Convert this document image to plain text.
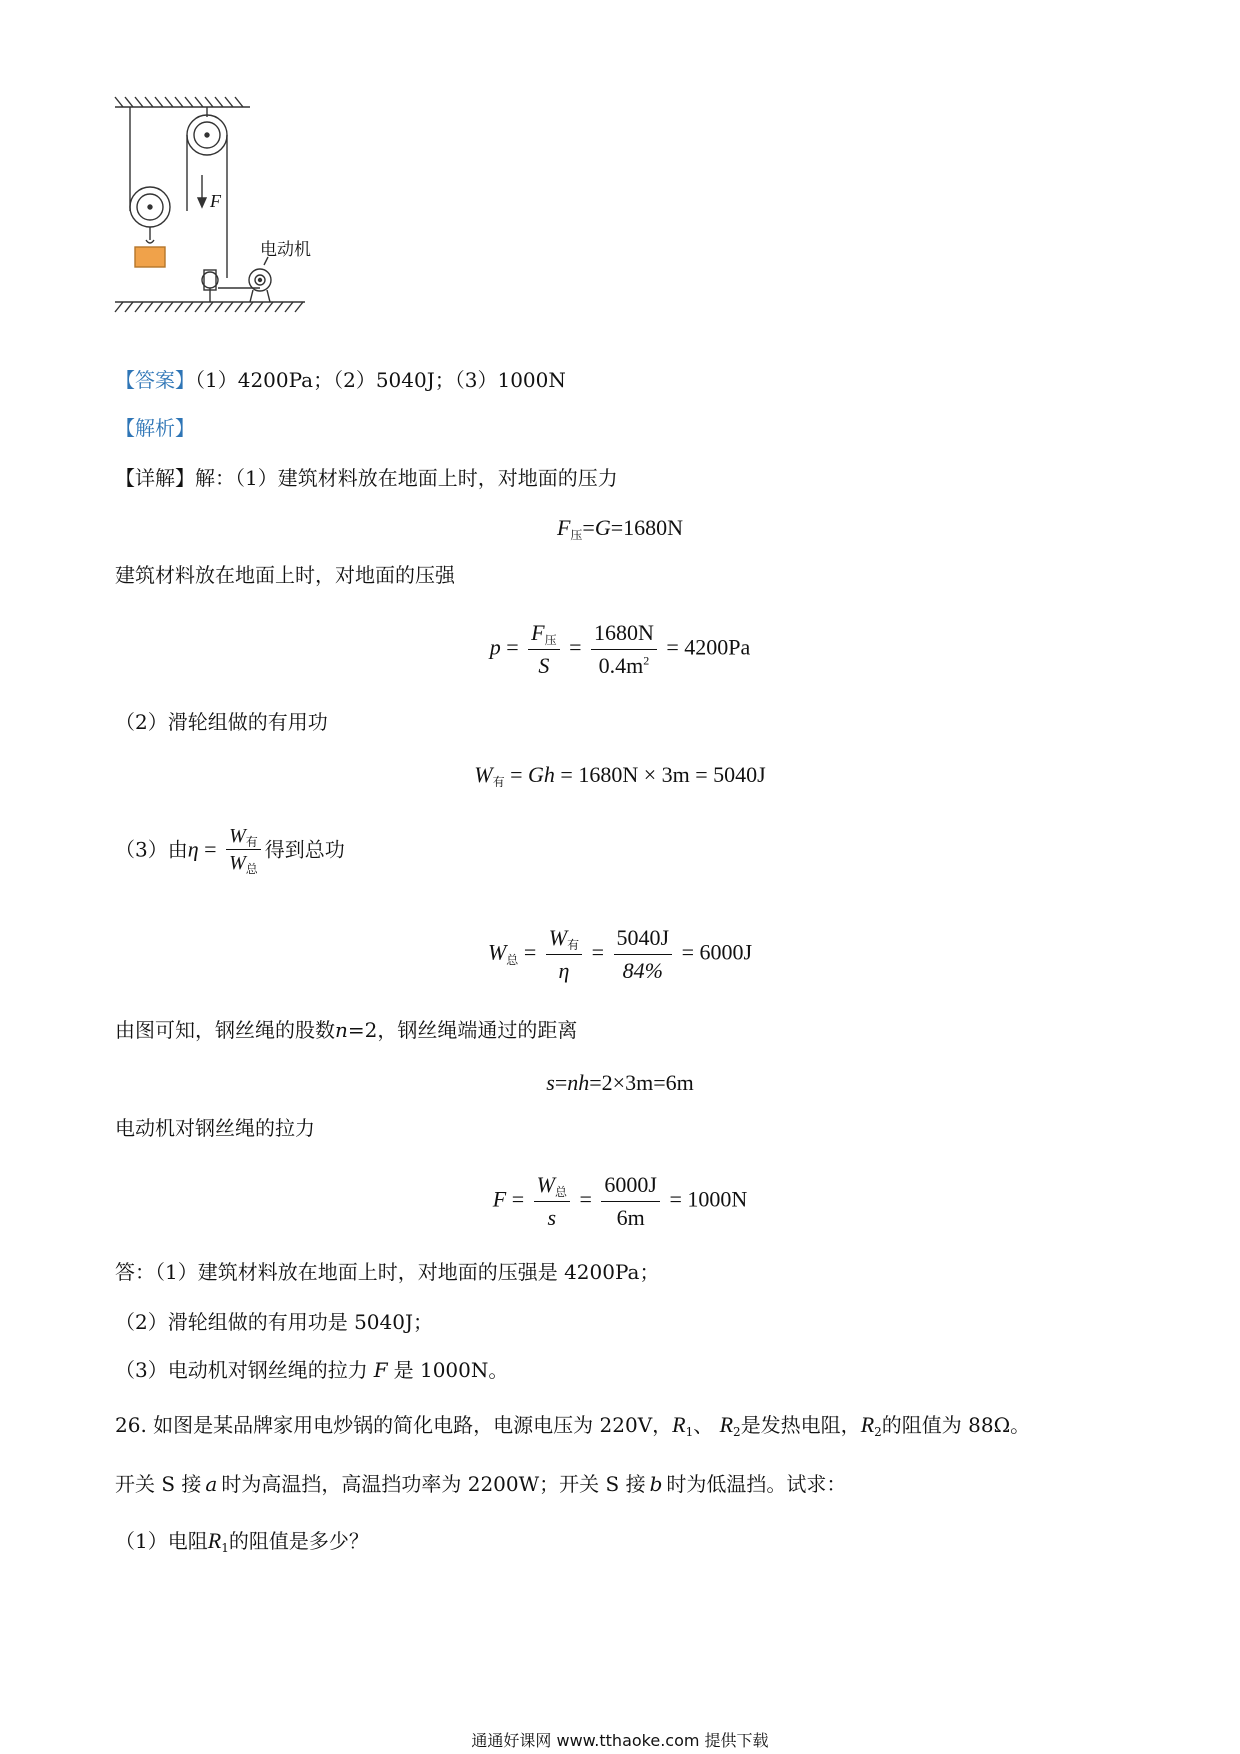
F
电动机
【答案】（1）4200Pa；（2）5040J；（3）1000N
【解析】
【详解】解：（1）建筑材料放在地面上时，对地面的压力
F压=G=1680N
建筑材料放在地面上时，对地面的压强
$p = \frac{\text{F压}}{S} = \frac{1680N}{0.4m^2} = 4200Pa$
（2）滑轮组做的有用功
W有 = Gh = 1680N × 3m = 5040J
（3）由$\eta = \frac{W_有}{W_总}$ 得到总功
W总 = $\frac{\text{W有}}{\eta} = \frac{5040J}{84\%} = 6000J$
由图可知，钢丝绳的股数n=2，钢丝绳端通过的距离
s=nh=2×3m=6m
电动机对钢丝绳的拉力
$F = \frac{\text{W总}}{s} = \frac{6000J}{6m} = 1000N$
答：（1）建筑材料放在地面上时，对地面的压强是 4200Pa；
（2）滑轮组做的有用功是 5040J；
（3）电动机对钢丝绳的拉力 F 是 1000N。
26. 如图是某品牌家用电炒锅的简化电路，电源电压为 220V，$R_1$、 $R_2$是发热电阻，$R_2$的阻值为 88Ω。
开关 S 接 a 时为高温挡，高温挡功率为 2200W；开关 S 接 b 时为低温挡。试求：
（1）电阻$R_1$的阻值是多少？
通通好课网 www.tthaoke.com 提供下载
